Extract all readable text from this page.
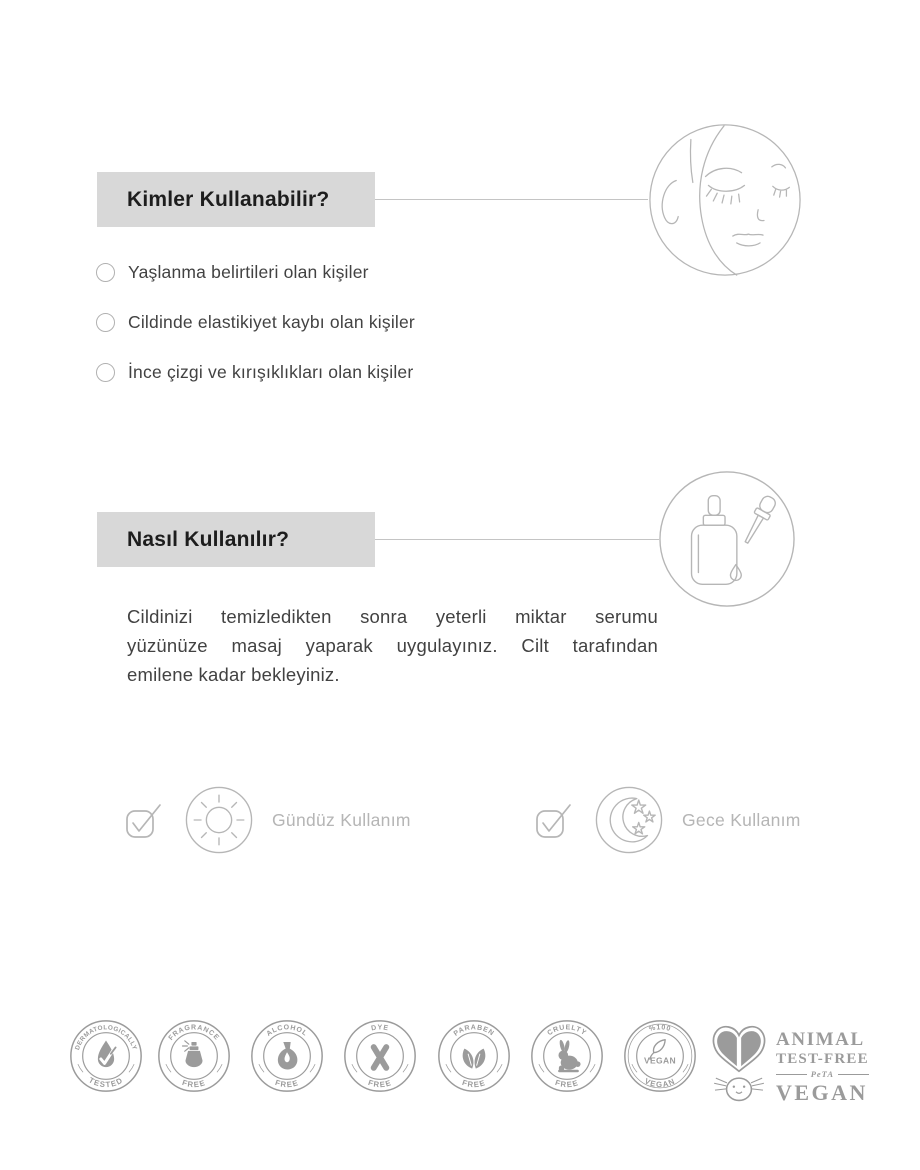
Kimler Kullanabilir?
Yaşlanma belirtileri olan kişiler
Cildinde elastikiyet kaybı olan kişiler
İnce çizgi ve kırışıklıkları olan kişiler
Nasıl Kullanılır?
Cildinizi temizledikten sonra yeterli miktar serumu
yüzünüze masaj yaparak uygulayınız. Cilt tarafından
emilene kadar bekleyiniz.
Gündüz Kullanım	Gece Kullanım
DERMATOLOGICALLY
TESTED
FRAGRANCE
FREE
ALCOHOL
FREE
DYE
FREE
PARABEN
FREE
CRUELTY
FREE
%100
VEGAN
VEGAN
ANIMAL
TEST-FREE
PeTA
VEGAN
